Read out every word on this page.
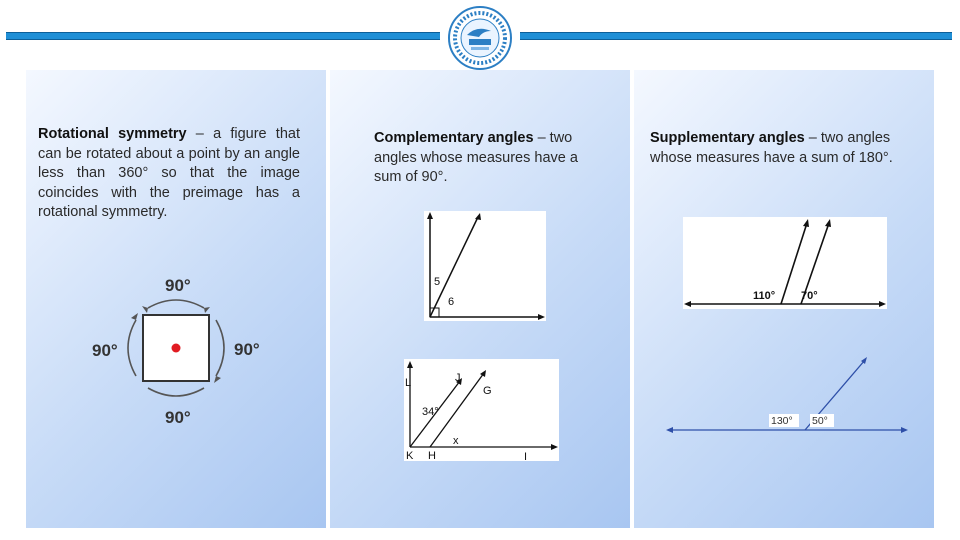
Rotational symmetry – a figure that can be rotated about a point by an angle less than 360° so that the image coincides with the preimage has a rotational symmetry.
90°
90°
90°
90°
Complementary angles – two angles whose measures have a sum of 90°.
5
6
L	J
G
34°
x
K H	I
Supplementary angles – two angles whose measures have a sum of 180°.
110° 70°
130° 50°
